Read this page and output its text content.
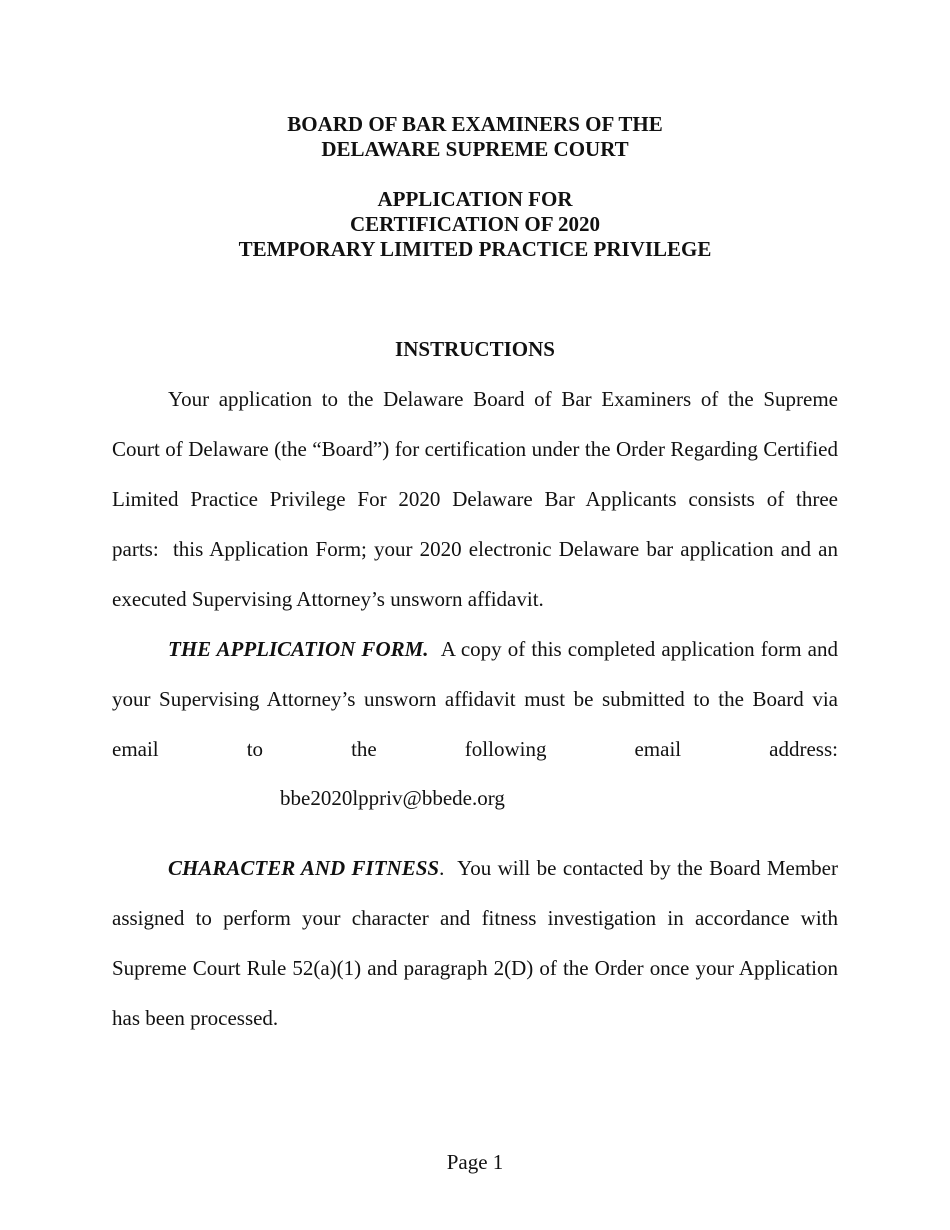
BOARD OF BAR EXAMINERS OF THE
DELAWARE SUPREME COURT
APPLICATION FOR
CERTIFICATION OF 2020
TEMPORARY LIMITED PRACTICE PRIVILEGE
INSTRUCTIONS

Your application to the Delaware Board of Bar Examiners of the Supreme Court of Delaware (the “Board”) for certification under the Order Regarding Certified Limited Practice Privilege For 2020 Delaware Bar Applicants consists of three parts:  this Application Form; your 2020 electronic Delaware bar application and an executed Supervising Attorney’s unsworn affidavit.

THE APPLICATION FORM.  A copy of this completed application form and your Supervising Attorney’s unsworn affidavit must be submitted to the Board via email to the following email address:

bbe2020lppriv@bbede.org

CHARACTER AND FITNESS.  You will be contacted by the Board Member assigned to perform your character and fitness investigation in accordance with Supreme Court Rule 52(a)(1) and paragraph 2(D) of the Order once your Application has been processed.

Page 1
